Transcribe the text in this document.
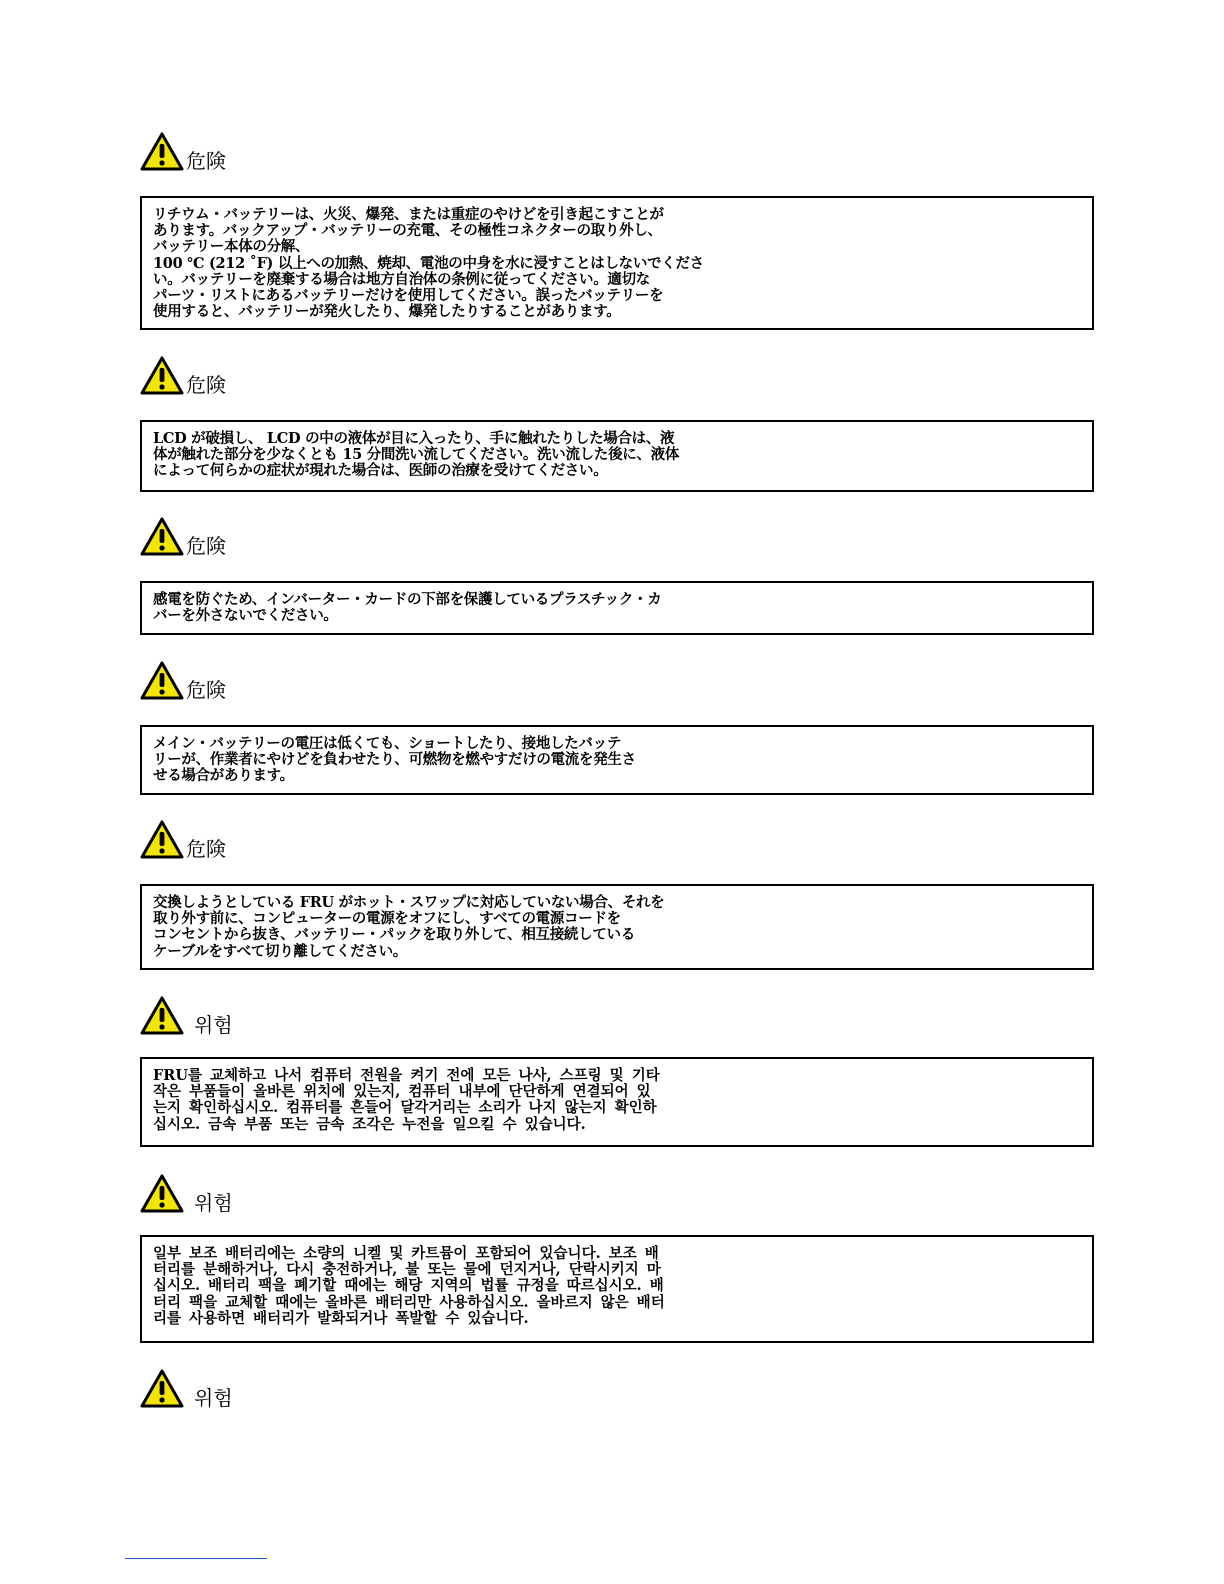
危険
リチウム・バッテリーは、火災、爆発、または重症のやけどを引き起こすことが
あります。バックアップ・バッテリーの充電、その極性コネクターの取り外し、
バッテリー本体の分解、
100 ℃ (212 ˚F) 以上への加熱、焼却、電池の中身を水に浸すことはしないでくださ
い。バッテリーを廃棄する場合は地方自治体の条例に従ってください。適切な
パーツ・リストにあるバッテリーだけを使用してください。誤ったバッテリーを
使用すると、バッテリーが発火したり、爆発したりすることがあります。
危険
LCD が破損し、 LCD の中の液体が目に入ったり、手に触れたりした場合は、液
体が触れた部分を少なくとも 15 分間洗い流してください。洗い流した後に、液体
によって何らかの症状が現れた場合は、医師の治療を受けてください。
危険
感電を防ぐため、インバーター・カードの下部を保護しているプラスチック・カ
バーを外さないでください。
危険
メイン・バッテリーの電圧は低くても、ショートしたり、接地したバッテ
リーが、作業者にやけどを負わせたり、可燃物を燃やすだけの電流を発生さ
せる場合があります。
危険
交換しようとしている FRU がホット・スワップに対応していない場合、それを
取り外す前に、コンピューターの電源をオフにし、すべての電源コードを
コンセントから抜き、バッテリー・パックを取り外して、相互接続している
ケーブルをすべて切り離してください。
위험
FRU를 교체하고 나서 컴퓨터 전원을 켜기 전에 모든 나사, 스프링 및 기타
작은 부품들이 올바른 위치에 있는지, 컴퓨터 내부에 단단하게 연결되어 있
는지 확인하십시오. 컴퓨터를 흔들어 달각거리는 소리가 나지 않는지 확인하
십시오. 금속 부품 또는 금속 조각은 누전을 일으킬 수 있습니다.
위험
일부 보조 배터리에는 소량의 니켈 및 카트뮴이 포함되어 있습니다. 보조 배
터리를 분해하거나, 다시 충전하거나, 불 또는 물에 던지거나, 단락시키지 마
십시오. 배터리 팩을 폐기할 때에는 해당 지역의 법률 규정을 따르십시오. 배
터리 팩을 교체할 때에는 올바른 배터리만 사용하십시오. 올바르지 않은 배터
리를 사용하면 배터리가 발화되거나 폭발할 수 있습니다.
위험
